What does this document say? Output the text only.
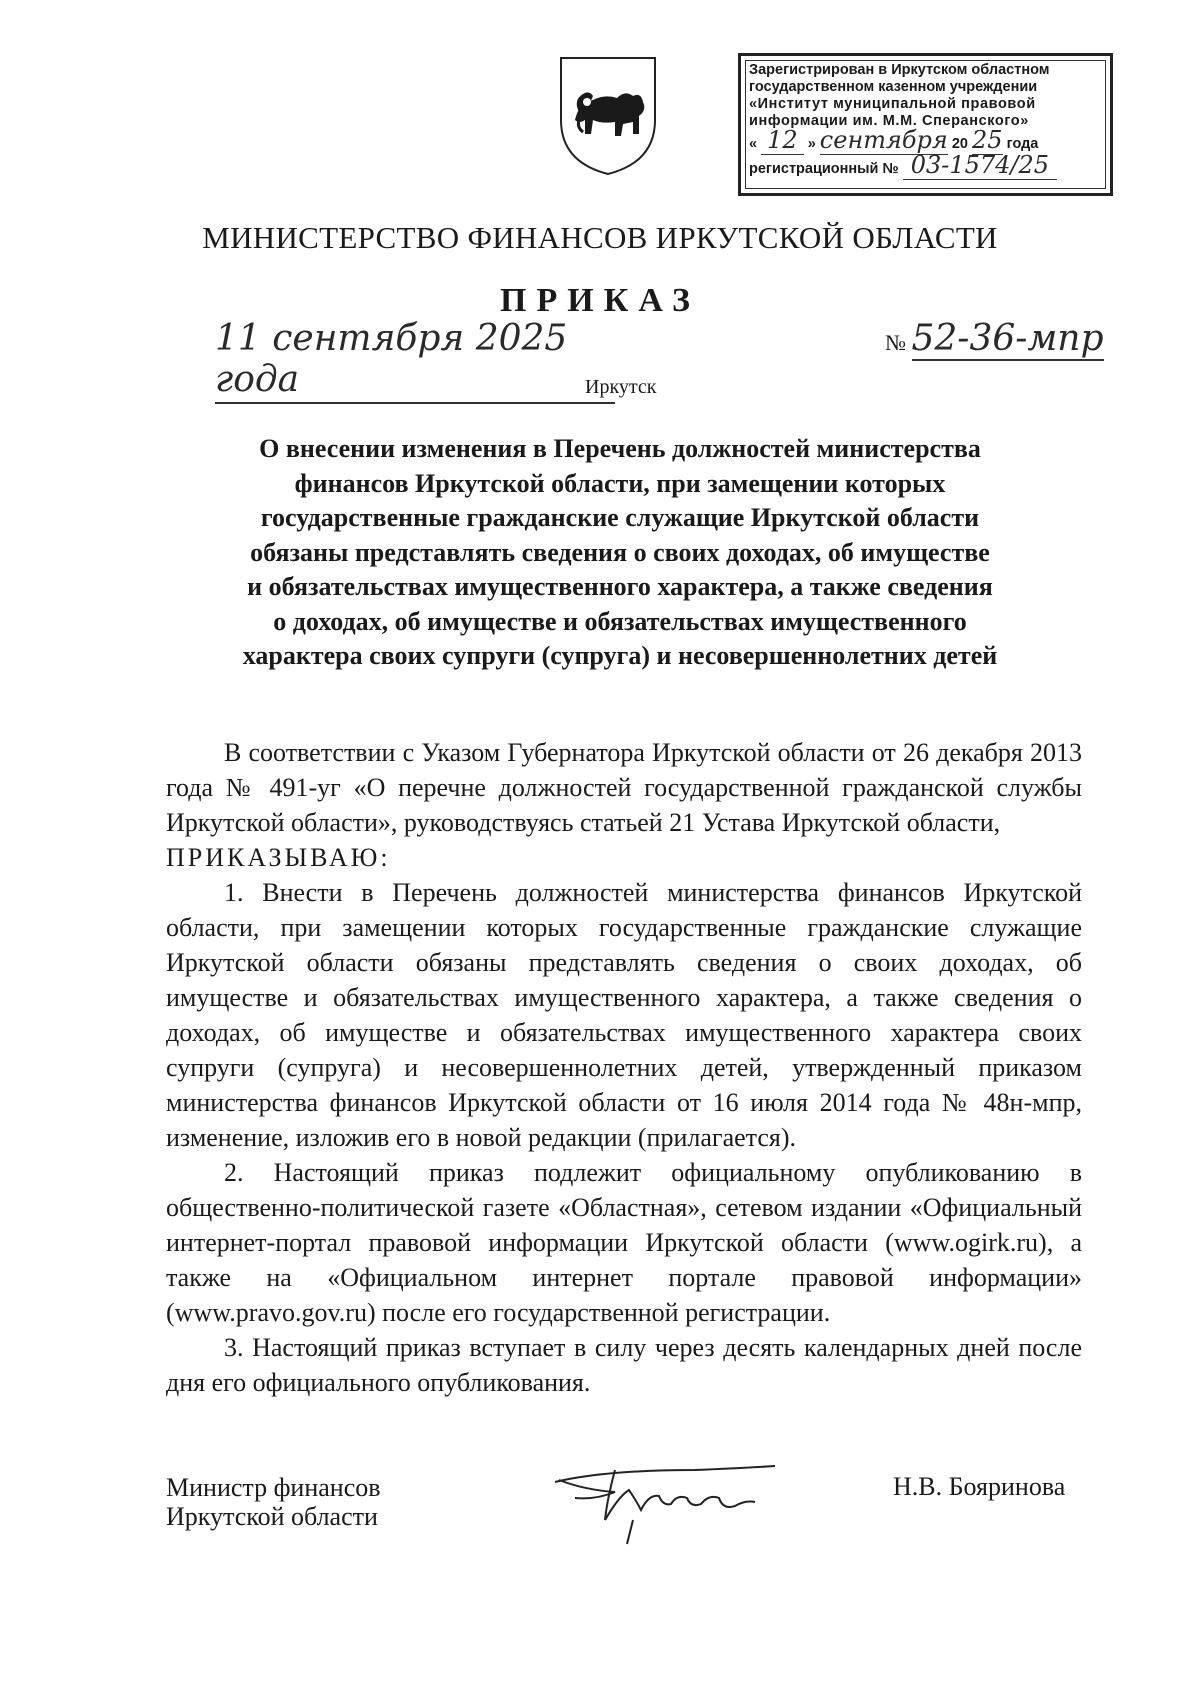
Зарегистрирован в Иркутском областном
государственном казенном учреждении
«Институт муниципальной правовой
информации им. М.М. Сперанского»
« 12 » сентября 20 25 года
регистрационный № 03-1574/25
МИНИСТЕРСТВО ФИНАНСОВ ИРКУТСКОЙ ОБЛАСТИ
ПРИКАЗ
11 сентября 2025 года
№ 52-36-мпр
Иркутск
О внесении изменения в Перечень должностей министерства
финансов Иркутской области, при замещении которых
государственные гражданские служащие Иркутской области
обязаны представлять сведения о своих доходах, об имуществе
и обязательствах имущественного характера, а также сведения
о доходах, об имуществе и обязательствах имущественного
характера своих супруги (супруга) и несовершеннолетних детей

В соответствии с Указом Губернатора Иркутской области от 26 декабря 2013 года № 491-уг «О перечне должностей государственной гражданской службы Иркутской области», руководствуясь статьей 21 Устава Иркутской области,

ПРИКАЗЫВАЮ:

1. Внести в Перечень должностей министерства финансов Иркутской области, при замещении которых государственные гражданские служащие Иркутской области обязаны представлять сведения о своих доходах, об имуществе и обязательствах имущественного характера, а также сведения о доходах, об имуществе и обязательствах имущественного характера своих супруги (супруга) и несовершеннолетних детей, утвержденный приказом министерства финансов Иркутской области от 16 июля 2014 года № 48н-мпр, изменение, изложив его в новой редакции (прилагается).

2. Настоящий приказ подлежит официальному опубликованию в общественно-политической газете «Областная», сетевом издании «Официальный интернет-портал правовой информации Иркутской области (www.ogirk.ru), а также на «Официальном интернет портале правовой информации» (www.pravo.gov.ru) после его государственной регистрации.

3. Настоящий приказ вступает в силу через десять календарных дней после дня его официального опубликования.

Министр финансов
Иркутской области
Н.В. Бояринова
